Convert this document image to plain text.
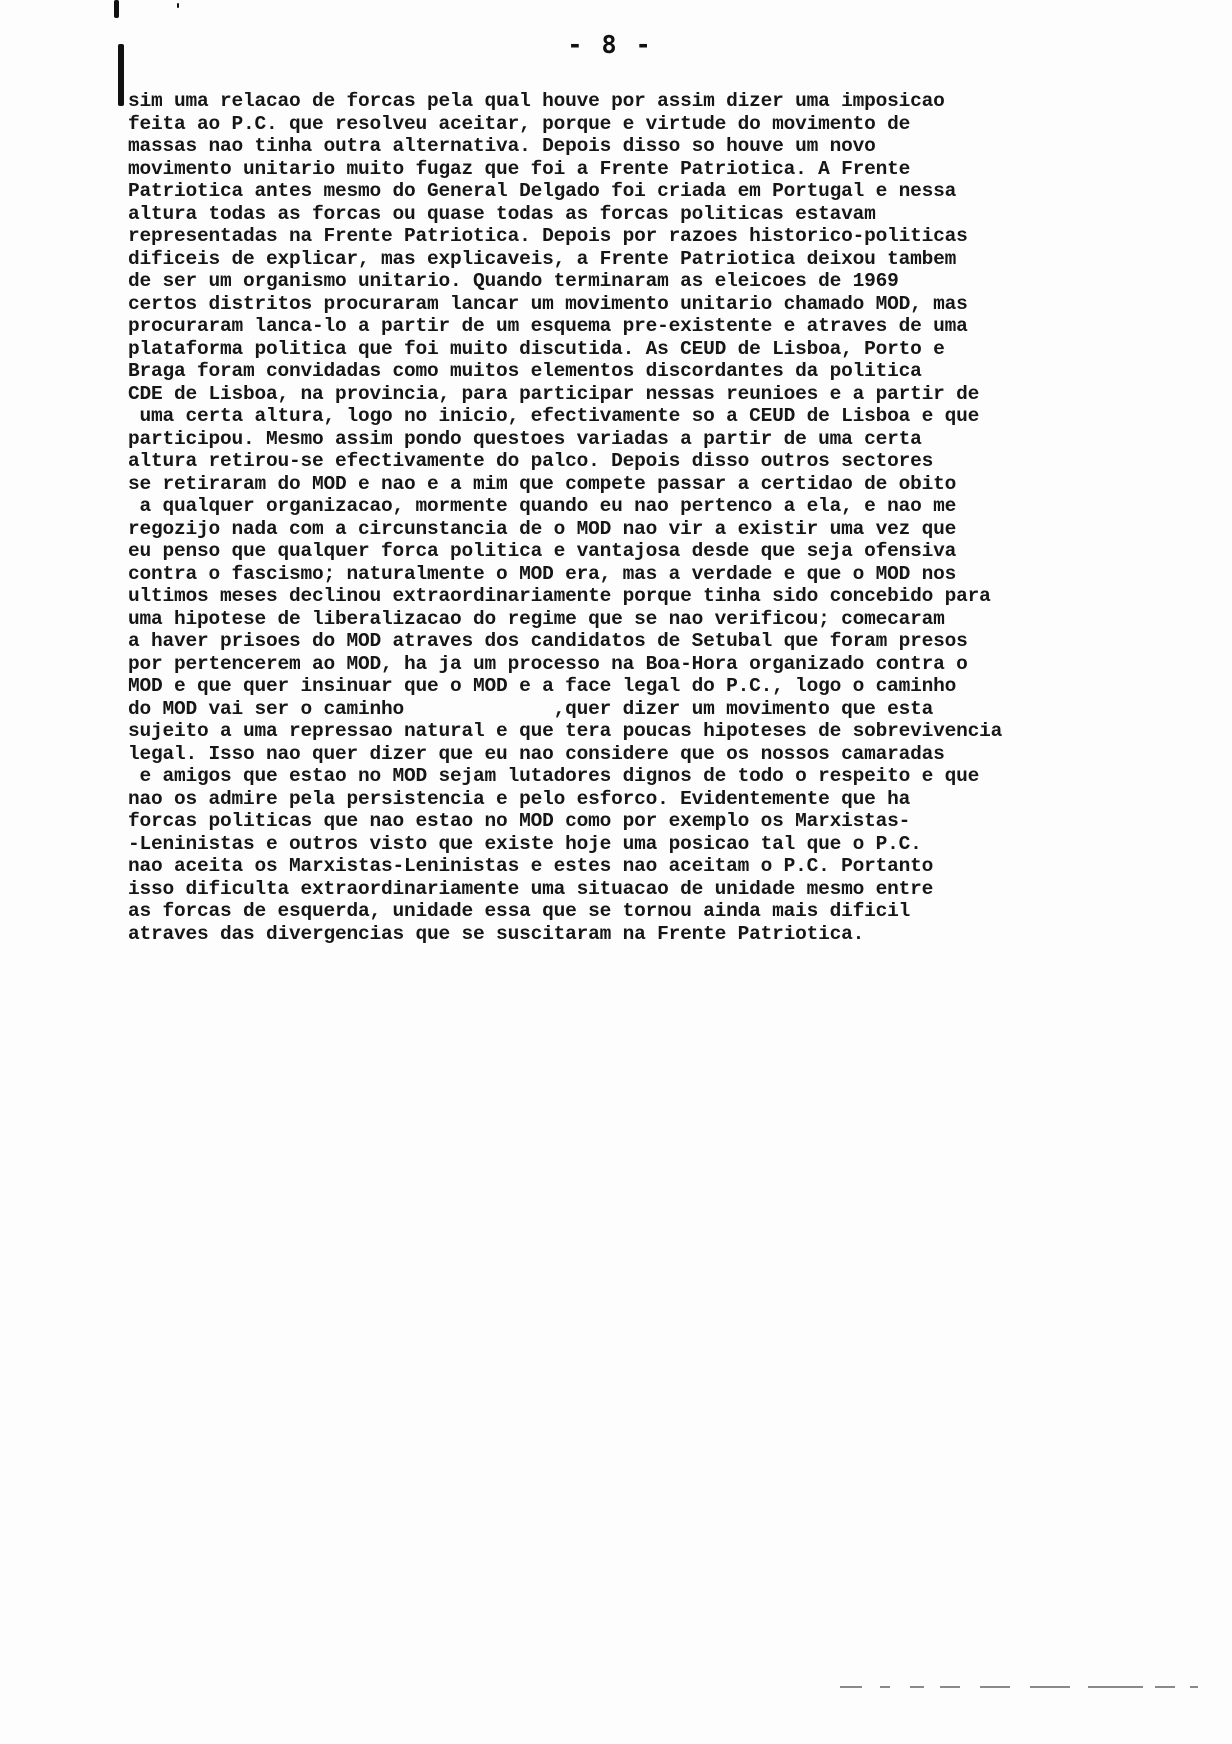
- 8 -
sim uma relacao de forcas pela qual houve por assim dizer uma imposicao
feita ao P.C. que resolveu aceitar, porque e virtude do movimento de
massas nao tinha outra alternativa. Depois disso so houve um novo
movimento unitario muito fugaz que foi a Frente Patriotica. A Frente
Patriotica antes mesmo do General Delgado foi criada em Portugal e nessa
altura todas as forcas ou quase todas as forcas politicas estavam
representadas na Frente Patriotica. Depois por razoes historico-politicas
dificeis de explicar, mas explicaveis, a Frente Patriotica deixou tambem
de ser um organismo unitario. Quando terminaram as eleicoes de 1969
certos distritos procuraram lancar um movimento unitario chamado MOD, mas
procuraram lanca-lo a partir de um esquema pre-existente e atraves de uma
plataforma politica que foi muito discutida. As CEUD de Lisboa, Porto e
Braga foram convidadas como muitos elementos discordantes da politica
CDE de Lisboa, na provincia, para participar nessas reunioes e a partir de
uma certa altura, logo no inicio, efectivamente so a CEUD de Lisboa e que
participou. Mesmo assim pondo questoes variadas a partir de uma certa
altura retirou-se efectivamente do palco. Depois disso outros sectores
se retiraram do MOD e nao e a mim que compete passar a certidao de obito
a qualquer organizacao, mormente quando eu nao pertenco a ela, e nao me
regozijo nada com a circunstancia de o MOD nao vir a existir uma vez que
eu penso que qualquer forca politica e vantajosa desde que seja ofensiva
contra o fascismo; naturalmente o MOD era, mas a verdade e que o MOD nos
ultimos meses declinou extraordinariamente porque tinha sido concebido para
uma hipotese de liberalizacao do regime que se nao verificou; comecaram
a haver prisoes do MOD atraves dos candidatos de Setubal que foram presos
por pertencerem ao MOD, ha ja um processo na Boa-Hora organizado contra o
MOD e que quer insinuar que o MOD e a face legal do P.C., logo o caminho
do MOD vai ser o caminho             ,quer dizer um movimento que esta
sujeito a uma repressao natural e que tera poucas hipoteses de sobrevivencia
legal. Isso nao quer dizer que eu nao considere que os nossos camaradas
e amigos que estao no MOD sejam lutadores dignos de todo o respeito e que
nao os admire pela persistencia e pelo esforco. Evidentemente que ha
forcas politicas que nao estao no MOD como por exemplo os Marxistas-
-Leninistas e outros visto que existe hoje uma posicao tal que o P.C.
nao aceita os Marxistas-Leninistas e estes nao aceitam o P.C. Portanto
isso dificulta extraordinariamente uma situacao de unidade mesmo entre
as forcas de esquerda, unidade essa que se tornou ainda mais dificil
atraves das divergencias que se suscitaram na Frente Patriotica.
